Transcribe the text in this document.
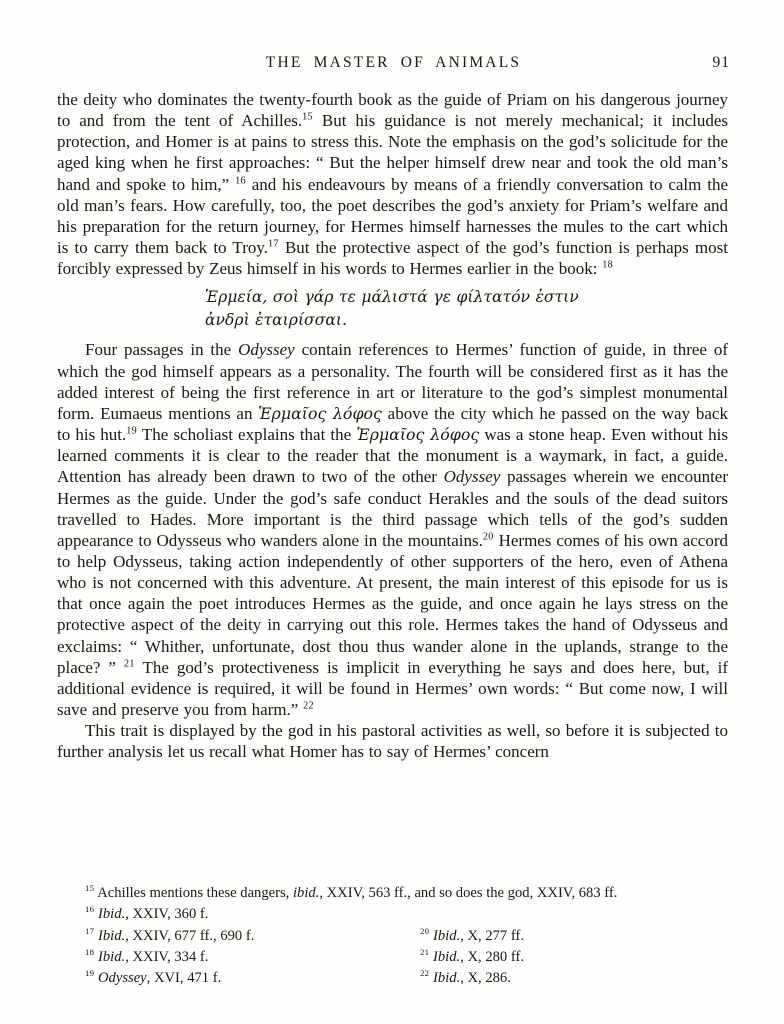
THE MASTER OF ANIMALS	91

the deity who dominates the twenty-fourth book as the guide of Priam on his dangerous journey to and from the tent of Achilles.$^{15}$ But his guidance is not merely mechanical; it includes protection, and Homer is at pains to stress this. Note the emphasis on the god’s solicitude for the aged king when he first approaches: “ But the helper himself drew near and took the old man’s hand and spoke to him,” $^{16}$ and his endeavours by means of a friendly conversation to calm the old man’s fears. How carefully, too, the poet describes the god’s anxiety for Priam’s welfare and his preparation for the return journey, for Hermes himself harnesses the mules to the cart which is to carry them back to Troy.$^{17}$ But the protective aspect of the god’s function is perhaps most forcibly expressed by Zeus himself in his words to Hermes earlier in the book: $^{18}$

Ἑρμεία, σοὶ γάρ τε μάλιστά γε φίλτατόν ἐστιν
ἀνδρὶ ἑταιρίσσαι.

Four passages in the Odyssey contain references to Hermes’ function of guide, in three of which the god himself appears as a personality. The fourth will be considered first as it has the added interest of being the first reference in art or literature to the god’s simplest monumental form. Eumaeus mentions an Ἑρμαῖος λόφος above the city which he passed on the way back to his hut.$^{19}$ The scholiast explains that the Ἑρμαῖος λόφος was a stone heap. Even without his learned comments it is clear to the reader that the monument is a waymark, in fact, a guide. Attention has already been drawn to two of the other Odyssey passages wherein we encounter Hermes as the guide. Under the god’s safe conduct Herakles and the souls of the dead suitors travelled to Hades. More important is the third passage which tells of the god’s sudden appearance to Odysseus who wanders alone in the mountains.$^{20}$ Hermes comes of his own accord to help Odysseus, taking action independently of other supporters of the hero, even of Athena who is not concerned with this adventure. At present, the main interest of this episode for us is that once again the poet introduces Hermes as the guide, and once again he lays stress on the protective aspect of the deity in carrying out this role. Hermes takes the hand of Odysseus and exclaims: “ Whither, unfortunate, dost thou thus wander alone in the uplands, strange to the place? ” $^{21}$ The god’s protectiveness is implicit in everything he says and does here, but, if additional evidence is required, it will be found in Hermes’ own words: “ But come now, I will save and preserve you from harm.” $^{22}$

This trait is displayed by the god in his pastoral activities as well, so before it is subjected to further analysis let us recall what Homer has to say of Hermes’ concern

$^{15}$ Achilles mentions these dangers, ibid., XXIV, 563 ff., and so does the god, XXIV, 683 ff.
$^{16}$ Ibid., XXIV, 360 f.
$^{17}$ Ibid., XXIV, 677 ff., 690 f.	$^{20}$ Ibid., X, 277 ff.
$^{18}$ Ibid., XXIV, 334 f.	$^{21}$ Ibid., X, 280 ff.
$^{19}$ Odyssey, XVI, 471 f.	$^{22}$ Ibid., X, 286.
